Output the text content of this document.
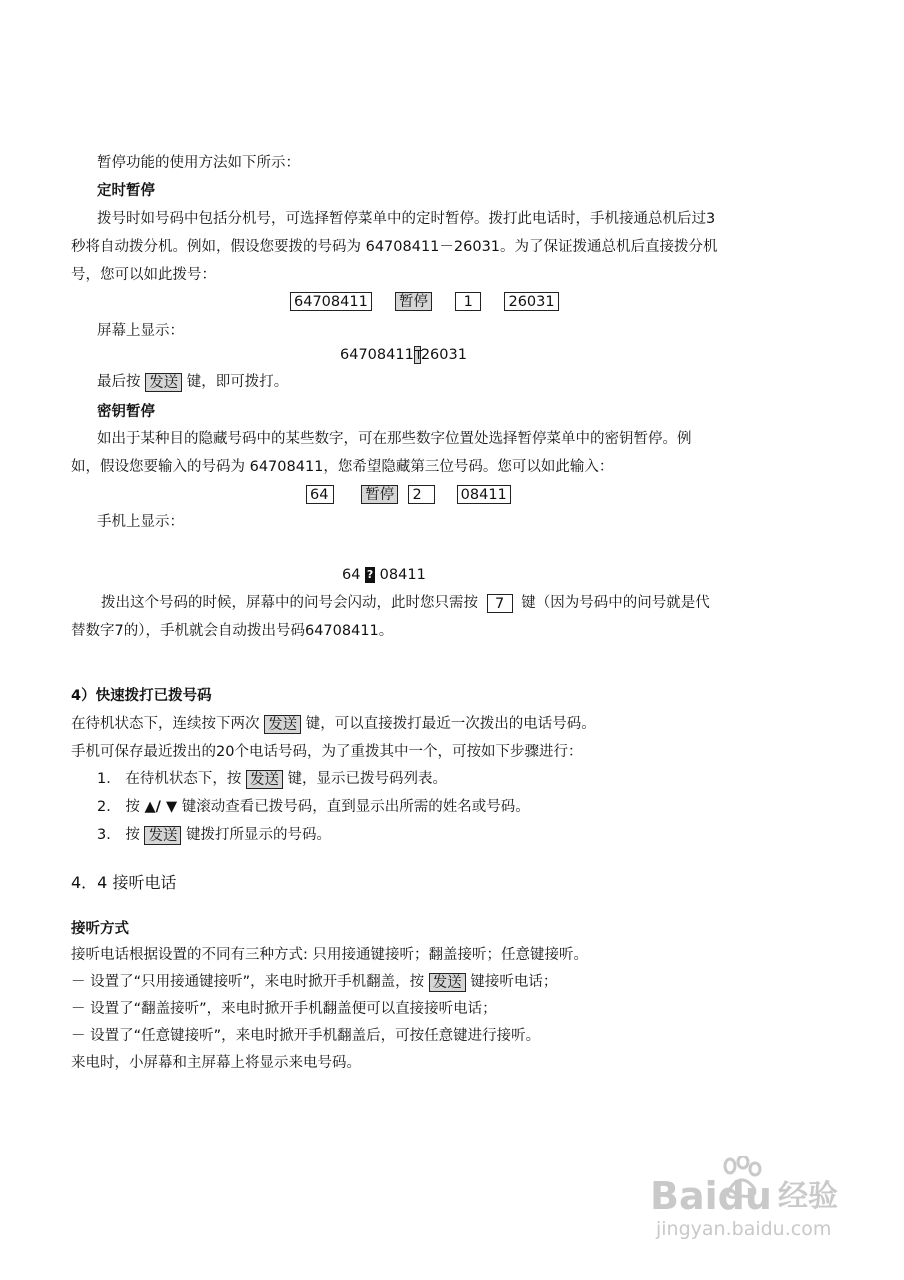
暂停功能的使用方法如下所示：
定时暂停
拨号时如号码中包括分机号，可选择暂停菜单中的定时暂停。拨打此电话时，手机接通总机后过3
秒将自动拨分机。例如，假设您要拨的号码为 64708411－26031。为了保证拨通总机后直接拨分机
号，您可以如此拨号：
64708411 暂停 1 26031
屏幕上显示：
64708411T26031
最后按 发送 键，即可拨打。
密钥暂停
如出于某种目的隐藏号码中的某些数字，可在那些数字位置处选择暂停菜单中的密钥暂停。例
如，假设您要输入的号码为 64708411，您希望隐藏第三位号码。您可以如此输入：
64	暂停 2	08411
手机上显示：
64 ? 08411
拨出这个号码的时候，屏幕中的问号会闪动，此时您只需按 7 键（因为号码中的问号就是代
替数字7的），手机就会自动拨出号码64708411。
4）快速拨打已拨号码
在待机状态下，连续按下两次 发送 键，可以直接拨打最近一次拨出的电话号码。
手机可保存最近拨出的20个电话号码，为了重拨其中一个，可按如下步骤进行：
1． 在待机状态下，按 发送 键，显示已拨号码列表。
2． 按 ▲/ ▼ 键滚动查看已拨号码，直到显示出所需的姓名或号码。
3． 按 发送 键拨打所显示的号码。
4．4 接听电话
接听方式
接听电话根据设置的不同有三种方式: 只用接通键接听；翻盖接听；任意键接听。
－ 设置了“只用接通键接听”，来电时掀开手机翻盖，按 发送 键接听电话；
－ 设置了“翻盖接听”，来电时掀开手机翻盖便可以直接接听电话；
－ 设置了“任意键接听”，来电时掀开手机翻盖后，可按任意键进行接听。
来电时，小屏幕和主屏幕上将显示来电号码。
Baidu 经验
jingyan.baidu.com
